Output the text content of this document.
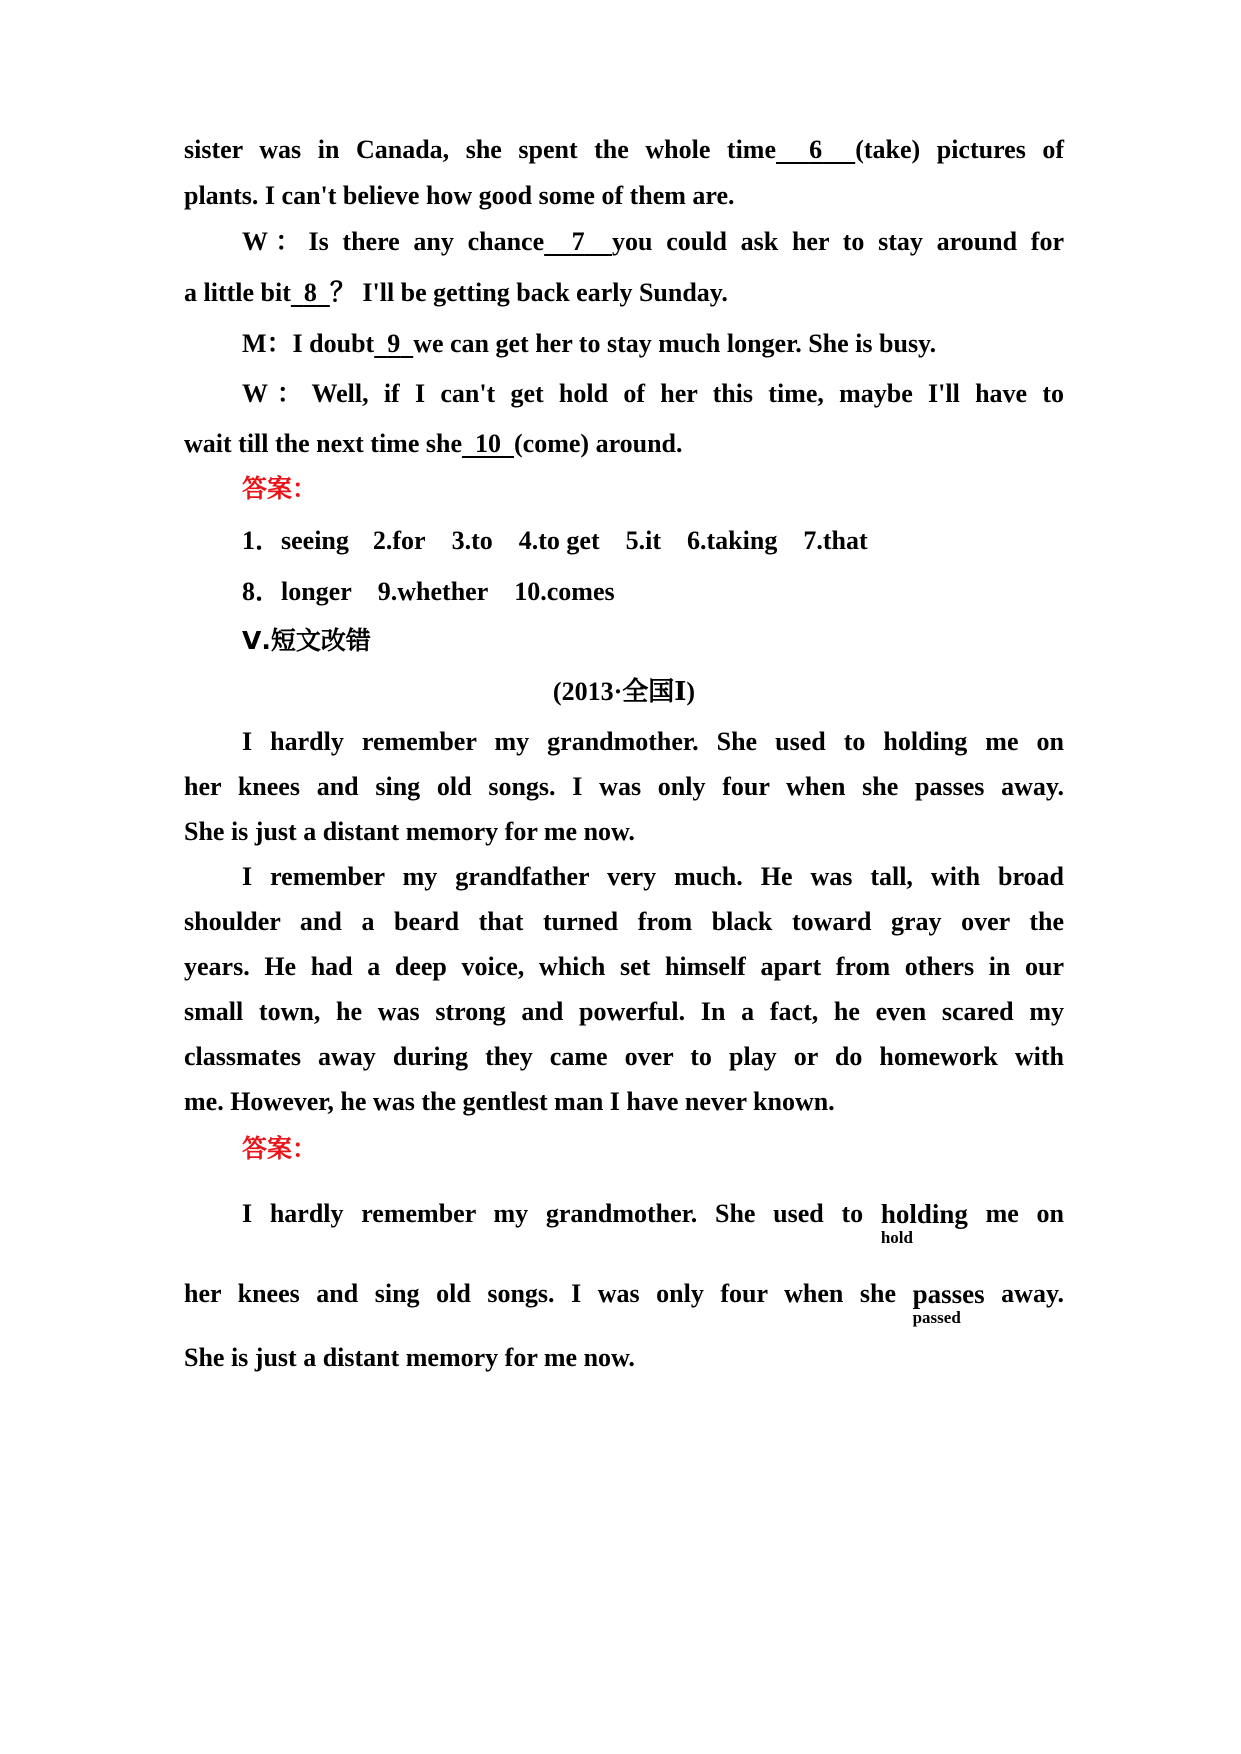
sister was in Canada, she spent the whole time 6 (take) pictures of
plants. I can't believe how good some of them are.
W：Is there any chance 7 you could ask her to stay around for
a little bit 8 ？ I'll be getting back early Sunday.
M：I doubt 9 we can get her to stay much longer. She is busy.
W：Well, if I can't get hold of her this time, maybe I'll have to
wait till the next time she 10 (come) around.
答案：
1．seeing 2.for 3.to 4.to get 5.it 6.taking 7.that
8．longer 9.whether 10.comes
Ⅴ.短文改错
(2013·全国Ⅰ)
I hardly remember my grandmother. She used to holding me on
her knees and sing old songs. I was only four when she passes away.
She is just a distant memory for me now.
I remember my grandfather very much. He was tall, with broad
shoulder and a beard that turned from black toward gray over the
years. He had a deep voice, which set himself apart from others in our
small town, he was strong and powerful. In a fact, he even scared my
classmates away during they came over to play or do homework with
me. However, he was the gentlest man I have never known.
答案：
I hardly remember my grandmother. She used to holding
hold
me on
her knees and sing old songs. I was only four when she passes
passed
away.
She is just a distant memory for me now.
